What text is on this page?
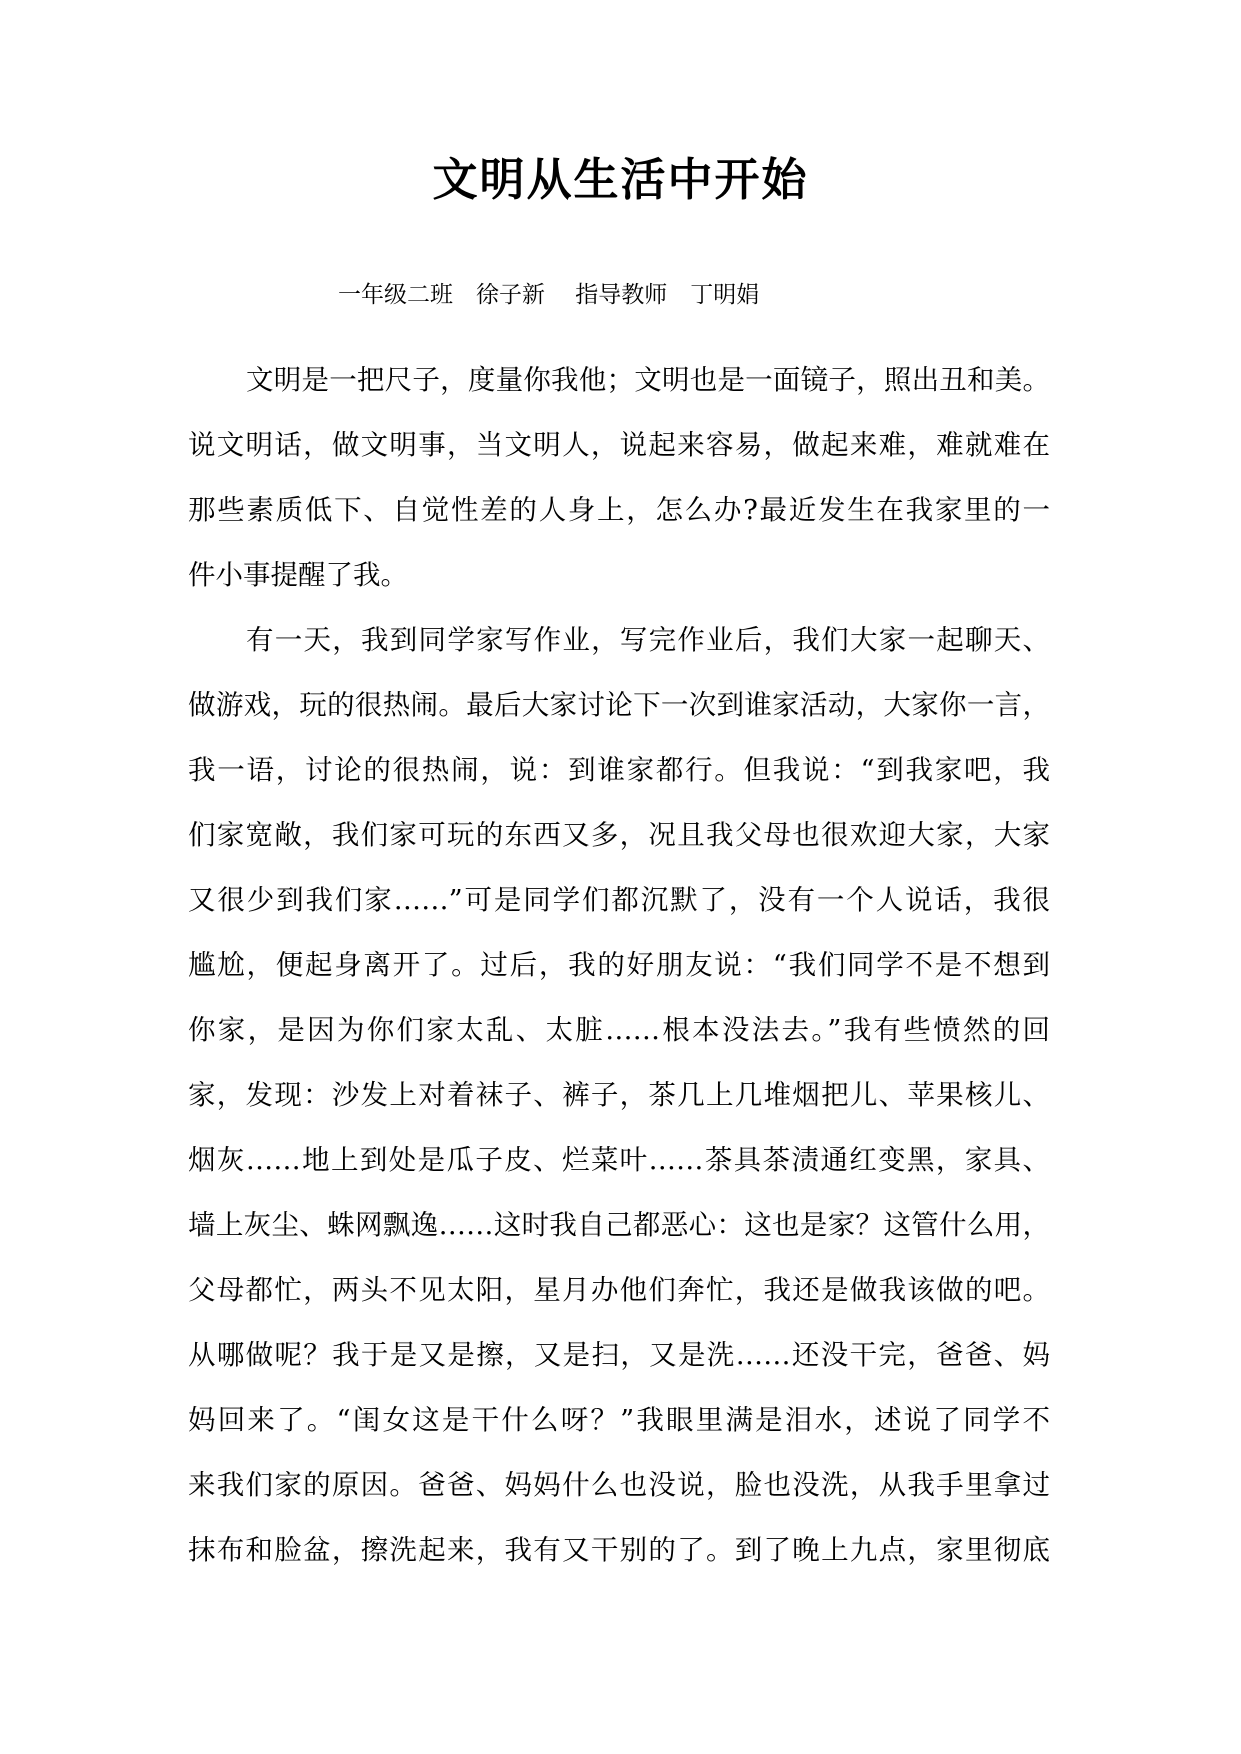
文明从生活中开始
一年级二班　徐子新　 指导教师　丁明娟
文明是一把尺子，度量你我他；文明也是一面镜子，照出丑和美。
说文明话，做文明事，当文明人，说起来容易，做起来难，难就难在
那些素质低下、自觉性差的人身上，怎么办?最近发生在我家里的一
件小事提醒了我。
有一天，我到同学家写作业，写完作业后，我们大家一起聊天、
做游戏，玩的很热闹。最后大家讨论下一次到谁家活动，大家你一言，
我一语，讨论的很热闹，说：到谁家都行。但我说：“到我家吧，我
们家宽敞，我们家可玩的东西又多，况且我父母也很欢迎大家，大家
又很少到我们家……”可是同学们都沉默了，没有一个人说话，我很
尴尬，便起身离开了。过后，我的好朋友说：“我们同学不是不想到
你家，是因为你们家太乱、太脏……根本没法去。”我有些愤然的回
家，发现：沙发上对着袜子、裤子，茶几上几堆烟把儿、苹果核儿、
烟灰……地上到处是瓜子皮、烂菜叶……茶具茶渍通红变黑，家具、
墙上灰尘、蛛网飘逸……这时我自己都恶心：这也是家？这管什么用，
父母都忙，两头不见太阳，星月办他们奔忙，我还是做我该做的吧。
从哪做呢？我于是又是擦，又是扫，又是洗……还没干完，爸爸、妈
妈回来了。“闺女这是干什么呀？”我眼里满是泪水，述说了同学不
来我们家的原因。爸爸、妈妈什么也没说，脸也没洗，从我手里拿过
抹布和脸盆，擦洗起来，我有又干别的了。到了晚上九点，家里彻底
